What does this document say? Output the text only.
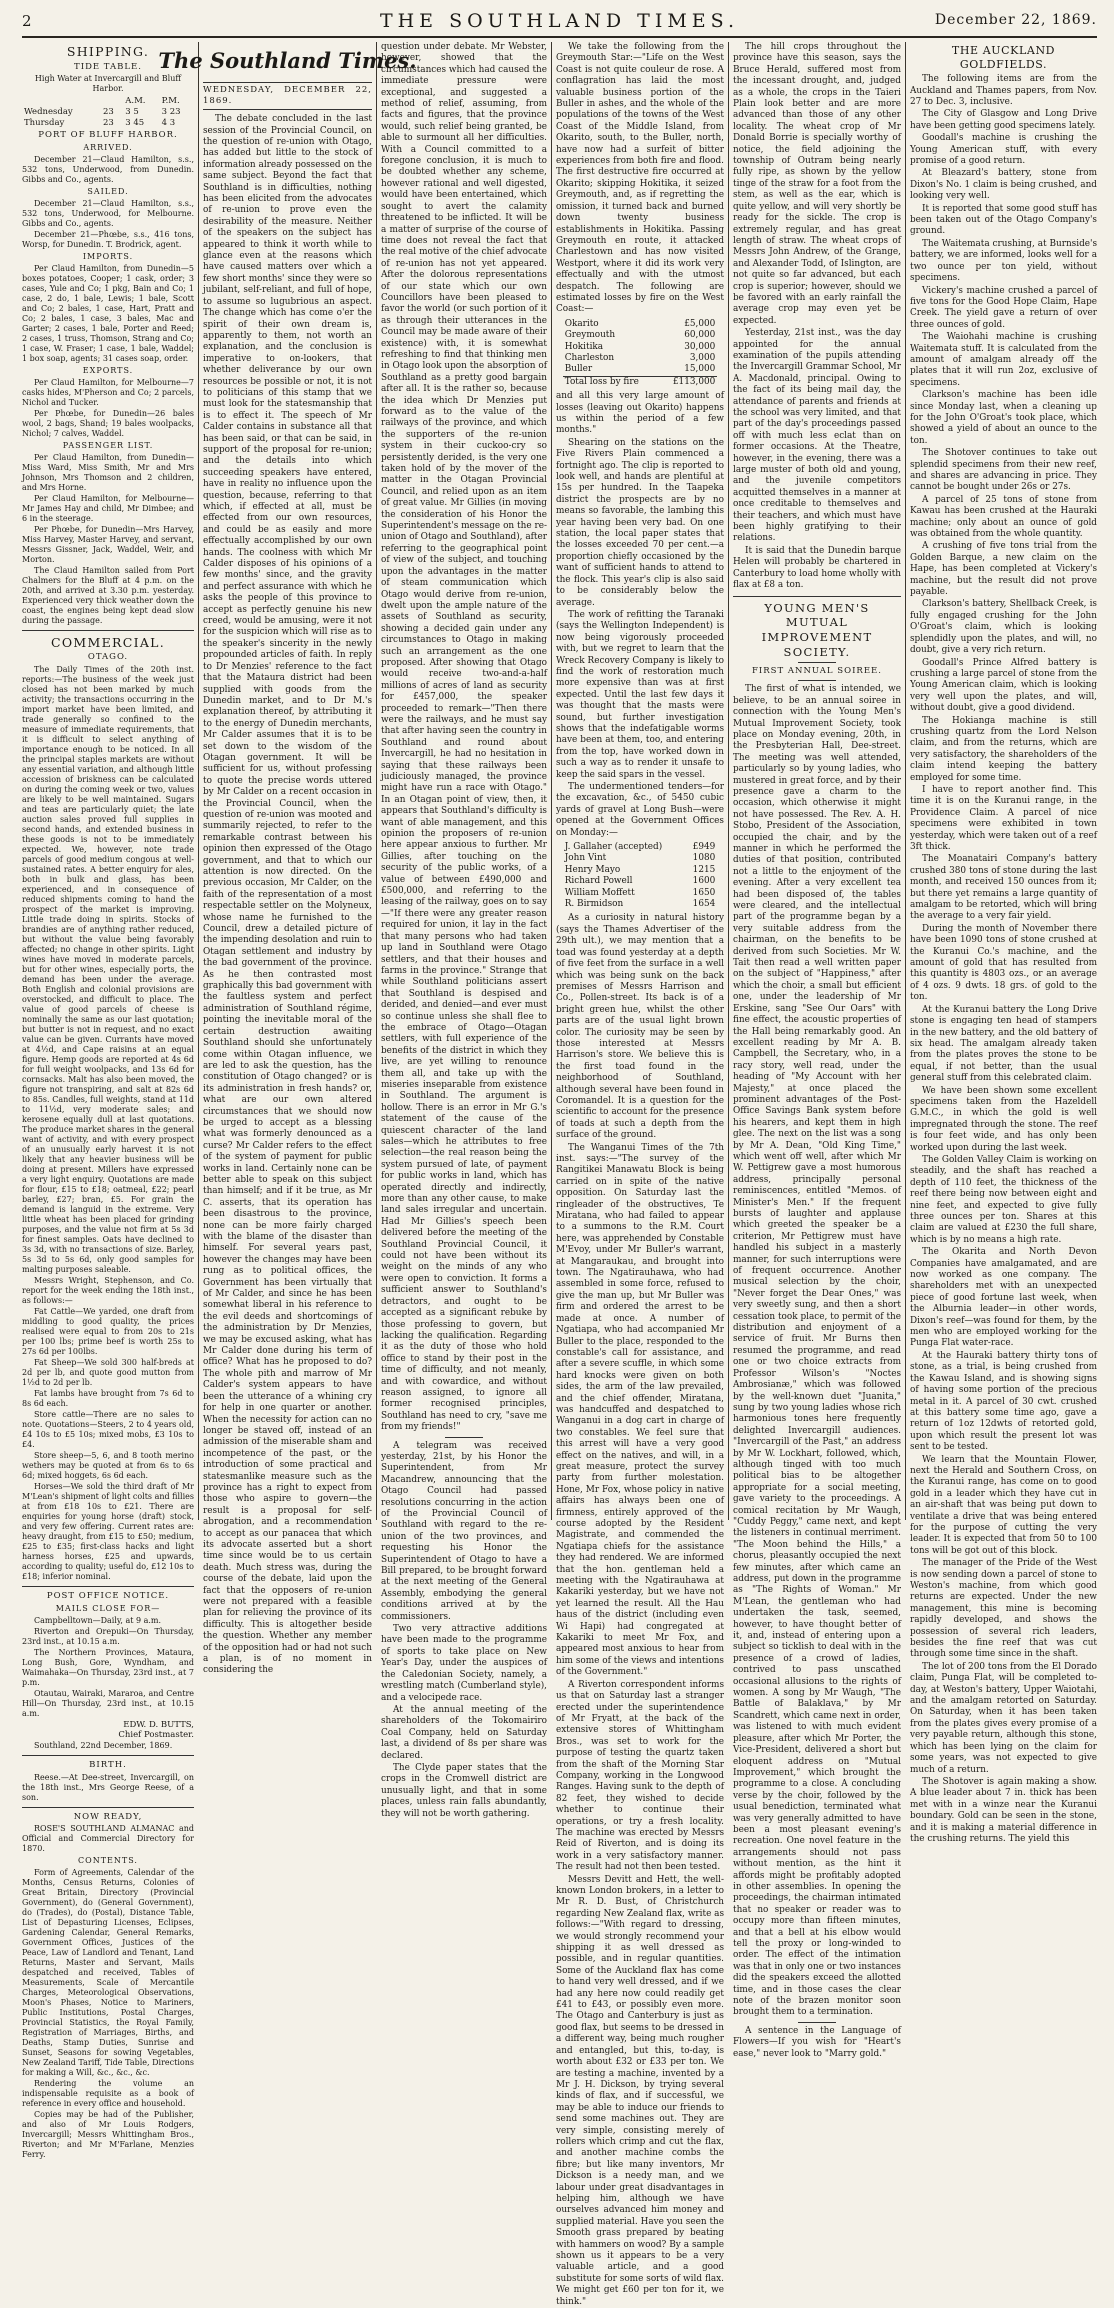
2	THE SOUTHLAND TIMES.	December 22, 1869.
SHIPPING.
TIDE TABLE.

High Water at Invercargill and Bluff Harbor.

		A.M.	P.M.
Wednesday	23	3 5	3 23
Thursday	23	3 45	4 3
PORT OF BLUFF HARBOR.
ARRIVED.

December 21—Claud Hamilton, s.s., 532 tons, Underwood, from Dunedin. Gibbs and Co., agents.

SAILED.

December 21—Claud Hamilton, s.s., 532 tons, Underwood, for Melbourne. Gibbs and Co., agents.

December 21—Phœbe, s.s., 416 tons, Worsp, for Dunedin. T. Brodrick, agent.

IMPORTS.

Per Claud Hamilton, from Dunedin—5 boxes potatoes, Cooper; 1 cask, order; 3 cases, Yule and Co; 1 pkg, Bain and Co; 1 case, 2 do, 1 bale, Lewis; 1 bale, Scott and Co; 2 bales, 1 case, Hart, Pratt and Co; 2 bales, 1 case, 3 bales, Mac and Garter; 2 cases, 1 bale, Porter and Reed; 2 cases, 1 truss, Thomson, Strang and Co; 1 case, W. Fraser; 1 case, 1 bale, Waddel; 1 box soap, agents; 31 cases soap, order.

EXPORTS.

Per Claud Hamilton, for Melbourne—7 casks hides, M'Pherson and Co; 2 parcels, Nichol and Tucker.

Per Phœbe, for Dunedin—26 bales wool, 2 bags, Shand; 19 bales woolpacks, Nichol; 7 calves, Waddel.

PASSENGER LIST.

Per Claud Hamilton, from Dunedin—Miss Ward, Miss Smith, Mr and Mrs Johnson, Mrs Thomson and 2 children, and Mrs Horne.

Per Claud Hamilton, for Melbourne—Mr James Hay and child, Mr Dimbee; and 6 in the steerage.

Per Phœbe, for Dunedin—Mrs Harvey, Miss Harvey, Master Harvey, and servant, Messrs Gissner, Jack, Waddel, Weir, and Morton.

The Claud Hamilton sailed from Port Chalmers for the Bluff at 4 p.m. on the 20th, and arrived at 3.30 p.m. yesterday. Experienced very thick weather down the coast, the engines being kept dead slow during the passage.

COMMERCIAL.
OTAGO.

The Daily Times of the 20th inst. reports:—The business of the week just closed has not been marked by much activity; the transactions occurring in the import market have been limited, and trade generally so confined to the measure of immediate requirements, that it is difficult to select anything of importance enough to be noticed. In all the principal staples markets are without any essential variation, and although little accession of briskness can be calculated on during the coming week or two, values are likely to be well maintained. Sugars and teas are particularly quiet; the late auction sales proved full supplies in second hands, and extended business in these goods is not to be immediately expected. We, however, note trade parcels of good medium congous at well-sustained rates. A better enquiry for ales, both in bulk and glass, has been experienced, and in consequence of reduced shipments coming to hand the prospect of the market is improving. Little trade doing in spirits. Stocks of brandies are of anything rather reduced, but without the value being favorably affected; no change in other spirits. Light wines have moved in moderate parcels, but for other wines, especially ports, the demand has been under the average. Both English and colonial provisions are overstocked, and difficult to place. The value of good parcels of cheese is nominally the same as our last quotation; but butter is not in request, and no exact value can be given. Currants have moved at 4½d, and Cape raisins at an equal figure. Hemp goods are reported at 4s 6d for full weight woolpacks, and 13s 6d for cornsacks. Malt has also been moved, the figure not transpiring, and salt at 82s 6d to 85s. Candles, full weights, stand at 11d to 11½d, very moderate sales; and kerosene equally dull at last quotations. The produce market shares in the general want of activity, and with every prospect of an unusually early harvest it is not likely that any heavier business will be doing at present. Millers have expressed a very light enquiry. Quotations are made for flour, £15 to £18; oatmeal, £22; pearl barley, £27; bran, £5. For grain the demand is languid in the extreme. Very little wheat has been placed for grinding purposes, and the value not firm at 5s 3d for finest samples. Oats have declined to 3s 3d, with no transactions of size. Barley, 5s 3d to 5s 6d, only good samples for malting purposes saleable.

Messrs Wright, Stephenson, and Co. report for the week ending the 18th inst., as follows:—

Fat Cattle—We yarded, one draft from middling to good quality, the prices realised were equal to from 20s to 21s per 100 lbs; prime beef is worth 25s to 27s 6d per 100lbs.

Fat Sheep—We sold 300 half-breds at 2d per lb, and quote good mutton from 1½d to 2d per lb.

Fat lambs have brought from 7s 6d to 8s 6d each.

Store cattle—There are no sales to note. Quotations—Steers, 2 to 4 years old, £4 10s to £5 10s; mixed mobs, £3 10s to £4.

Store sheep—5, 6, and 8 tooth merino wethers may be quoted at from 6s to 6s 6d; mixed hoggets, 6s 6d each.

Horses—We sold the third draft of Mr M'Lean's shipment of light colts and fillies at from £18 10s to £21. There are enquiries for young horse (draft) stock, and very few offering. Current rates are: heavy draught, from £15 to £50; medium, £25 to £35; first-class hacks and light harness horses, £25 and upwards, according to quality; useful do, £12 10s to £18; inferior nominal.

POST OFFICE NOTICE.
MAILS CLOSE FOR—

Campbelltown—Daily, at 9 a.m.

Riverton and Orepuki—On Thursday, 23rd inst., at 10.15 a.m.

The Northern Provinces, Mataura, Long Bush, Gore, Wyndham, and Waimahaka—On Thursday, 23rd inst., at 7 p.m.

Otautau, Wairaki, Mararoa, and Centre Hill—On Thursday, 23rd inst., at 10.15 a.m.

EDW. D. BUTTS,
Chief Postmaster.

Southland, 22nd December, 1869.

BIRTH.

Reese.—At Dee-street, Invercargill, on the 18th inst., Mrs George Reese, of a son.

NOW READY,

ROSE'S SOUTHLAND ALMANAC and Official and Commercial Directory for 1870.

CONTENTS.

Form of Agreements, Calendar of the Months, Census Returns, Colonies of Great Britain, Directory (Provincial Government), do (General Government), do (Trades), do (Postal), Distance Table, List of Depasturing Licenses, Eclipses, Gardening Calendar, General Remarks, Government Offices, Justices of the Peace, Law of Landlord and Tenant, Land Returns, Master and Servant, Mails despatched and received, Tables of Measurements, Scale of Mercantile Charges, Meteorological Observations, Moon's Phases, Notice to Mariners, Public Institutions, Postal Charges, Provincial Statistics, the Royal Family, Registration of Marriages, Births, and Deaths, Stamp Duties, Sunrise and Sunset, Seasons for sowing Vegetables, New Zealand Tariff, Tide Table, Directions for making a Will, &c., &c., &c.

Rendering the volume an indispensable requisite as a book of reference in every office and household.

Copies may be had of the Publisher, and also of Mr Louis Rodgers, Invercargill; Messrs Whittingham Bros., Riverton; and Mr M'Farlane, Menzies Ferry.

The Southland Times.
WEDNESDAY, DECEMBER 22, 1869.

The debate concluded in the last session of the Provincial Council, on the question of re-union with Otago, has added but little to the stock of information already possessed on the same subject. Beyond the fact that Southland is in difficulties, nothing has been elicited from the advocates of re-union to prove even the desirability of the measure. Neither of the speakers on the subject has appeared to think it worth while to glance even at the reasons which have caused matters over which a few short months' since they were so jubilant, self-reliant, and full of hope, to assume so lugubrious an aspect. The change which has come o'er the spirit of their own dream is, apparently to them, not worth an explanation, and the conclusion is imperative to on-lookers, that whether deliverance by our own resources be possible or not, it is not to politicians of this stamp that we must look for the statesmanship that is to effect it. The speech of Mr Calder contains in substance all that has been said, or that can be said, in support of the proposal for re-union; and the details into which succeeding speakers have entered, have in reality no influence upon the question, because, referring to that which, if effected at all, must be effected from our own resources, and could be as easily and more effectually accomplished by our own hands. The coolness with which Mr Calder disposes of his opinions of a few months' since, and the gravity and perfect assurance with which he asks the people of this province to accept as perfectly genuine his new creed, would be amusing, were it not for the suspicion which will rise as to the speaker's sincerity in the newly propounded articles of faith. In reply to Dr Menzies' reference to the fact that the Mataura district had been supplied with goods from the Dunedin market, and to Dr M.'s explanation thereof, by attributing it to the energy of Dunedin merchants, Mr Calder assumes that it is to be set down to the wisdom of the Otagan government. It will be sufficient for us, without professing to quote the precise words uttered by Mr Calder on a recent occasion in the Provincial Council, when the question of re-union was mooted and summarily rejected, to refer to the remarkable contrast between his opinion then expressed of the Otago government, and that to which our attention is now directed. On the previous occasion, Mr Calder, on the faith of the representation of a most respectable settler on the Molyneux, whose name he furnished to the Council, drew a detailed picture of the impending desolation and ruin to Otagan settlement and industry by the bad government of the province. As he then contrasted most graphically this bad government with the faultless system and perfect administration of Southland régime, pointing the inevitable moral of the certain destruction awaiting Southland should she unfortunately come within Otagan influence, we are led to ask the question, has the constitution of Otago changed? or is its administration in fresh hands? or, what are our own altered circumstances that we should now be urged to accept as a blessing what was formerly denounced as a curse? Mr Calder refers to the effect of the system of payment for public works in land. Certainly none can be better able to speak on this subject than himself; and if it be true, as Mr C. asserts, that its operation has been disastrous to the province, none can be more fairly charged with the blame of the disaster than himself. For several years past, however the changes may have been rung as to political offices, the Government has been virtually that of Mr Calder, and since he has been somewhat liberal in his reference to the evil deeds and shortcomings of the administration by Dr Menzies, we may be excused asking, what has Mr Calder done during his term of office? What has he proposed to do? The whole pith and marrow of Mr Calder's system appears to have been the utterance of a whining cry for help in one quarter or another. When the necessity for action can no longer be staved off, instead of an admission of the miserable sham and incompetence of the past, or the introduction of some practical and statesmanlike measure such as the province has a right to expect from those who aspire to govern—the result is a proposal for self-abrogation, and a recommendation to accept as our panacea that which its advocate asserted but a short time since would be to us certain death. Much stress was, during the course of the debate, laid upon the fact that the opposers of re-union were not prepared with a feasible plan for relieving the province of its difficulty. This is altogether beside the question. Whether any member of the opposition had or had not such a plan, is of no moment in considering the

question under debate. Mr Webster, however, showed that the circumstances which had caused the immediate pressure were exceptional, and suggested a method of relief, assuming, from facts and figures, that the province would, such relief being granted, be able to surmount all her difficulties. With a Council committed to a foregone conclusion, it is much to be doubted whether any scheme, however rational and well digested, would have been entertained, which sought to avert the calamity threatened to be inflicted. It will be a matter of surprise of the course of time does not reveal the fact that the real motive of the chief advocate of re-union has not yet appeared. After the dolorous representations of our state which our own Councillors have been pleased to favor the world (or such portion of it as through their utterances in the Council may be made aware of their existence) with, it is somewhat refreshing to find that thinking men in Otago look upon the absorption of Southland as a pretty good bargain after all. It is the rather so, because the idea which Dr Menzies put forward as to the value of the railways of the province, and which the supporters of the re-union system in their cuckoo-cry so persistently derided, is the very one taken hold of by the mover of the matter in the Otagan Provincial Council, and relied upon as an item of great value. Mr Gillies (in moving the consideration of his Honor the Superintendent's message on the re-union of Otago and Southland), after referring to the geographical point of view of the subject, and touching upon the advantages in the matter of steam communication which Otago would derive from re-union, dwelt upon the ample nature of the assets of Southland as security, showing a decided gain under any circumstances to Otago in making such an arrangement as the one proposed. After showing that Otago would receive two-and-a-half millions of acres of land as security for £457,000, the speaker proceeded to remark—"Then there were the railways, and he must say that after having seen the country in Southland and round about Invercargill, he had no hesitation in saying that these railways been judiciously managed, the province might have run a race with Otago." In an Otagan point of view, then, it appears that Southland's difficulty is want of able management, and this opinion the proposers of re-union here appear anxious to further. Mr Gillies, after touching on the security of the public works, of a value of between £490,000 and £500,000, and referring to the leasing of the railway, goes on to say—"If there were any greater reason required for union, it lay in the fact that many persons who had taken up land in Southland were Otago settlers, and that their houses and farms in the province." Strange that while Southland politicians assert that Southland is despised and derided, and denied—and ever must so continue unless she shall flee to the embrace of Otago—Otagan settlers, with full experience of the benefits of the district in which they live, are yet willing to renounce them all, and take up with the miseries inseparable from existence in Southland. The argument is hollow. There is an error in Mr G.'s statement of the cause of the quiescent character of the land sales—which he attributes to free selection—the real reason being the system pursued of late, of payment for public works in land, which has operated directly and indirectly, more than any other cause, to make land sales irregular and uncertain. Had Mr Gillies's speech been delivered before the meeting of the Southland Provincial Council, it could not have been without its weight on the minds of any who were open to conviction. It forms a sufficient answer to Southland's detractors, and ought to be accepted as a significant rebuke by those professing to govern, but lacking the qualification. Regarding it as the duty of those who hold office to stand by their post in the time of difficulty, and not meanly, and with cowardice, and without reason assigned, to ignore all former recognised principles, Southland has need to cry, "save me from my friends!"

A telegram was received yesterday, 21st, by his Honor the Superintendent, from Mr Macandrew, announcing that the Otago Council had passed resolutions concurring in the action of the Provincial Council of Southland with regard to the re-union of the two provinces, and requesting his Honor the Superintendent of Otago to have a Bill prepared, to be brought forward at the next meeting of the General Assembly, embodying the general conditions arrived at by the commissioners.

Two very attractive additions have been made to the programme of sports to take place on New Year's Day, under the auspices of the Caledonian Society, namely, a wrestling match (Cumberland style), and a velocipede race.

At the annual meeting of the shareholders of the Tokomairiro Coal Company, held on Saturday last, a dividend of 8s per share was declared.

The Clyde paper states that the crops in the Cromwell district are unusually light, and that in some places, unless rain falls abundantly, they will not be worth gathering.

We take the following from the Greymouth Star:—"Life on the West Coast is not quite couleur de rose. A conflagration has laid the most valuable business portion of the Buller in ashes, and the whole of the populations of the towns of the West Coast of the Middle Island, from Okarito, south, to the Buller, north, have now had a surfeit of bitter experiences from both fire and flood. The first destructive fire occurred at Okarito; skipping Hokitika, it seized Greymouth, and, as if regretting the omission, it turned back and burned down twenty business establishments in Hokitika. Passing Greymouth en route, it attacked Charlestown and has now visited Westport, where it did its work very effectually and with the utmost despatch. The following are estimated losses by fire on the West Coast:—

Okarito	£5,000
Greymouth	60,000
Hokitika	30,000
Charleston	3,000
Buller	15,000
Total loss by fire	£113,000

and all this very large amount of losses (leaving out Okarito) happens us within the period of a few months."

Shearing on the stations on the Five Rivers Plain commenced a fortnight ago. The clip is reported to look well, and hands are plentiful at 15s per hundred. In the Taapeka district the prospects are by no means so favorable, the lambing this year having been very bad. On one station, the local paper states that the losses exceeded 70 per cent.—a proportion chiefly occasioned by the want of sufficient hands to attend to the flock. This year's clip is also said to be considerably below the average.

The work of refitting the Taranaki (says the Wellington Independent) is now being vigorously proceeded with, but we regret to learn that the Wreck Recovery Company is likely to find the work of restoration much more expensive than was at first expected. Until the last few days it was thought that the masts were sound, but further investigation shows that the indefatigable worms have been at them, too, and entering from the top, have worked down in such a way as to render it unsafe to keep the said spars in the vessel.

The undermentioned tenders—for the excavation, &c., of 5450 cubic yards of gravel at Long Bush—were opened at the Government Offices on Monday:—

J. Gallaher (accepted)	£949
John Vint	1080
Henry Mayo	1215
Richard Powell	1600
William Moffett	1650
R. Birmidson	1654

As a curiosity in natural history (says the Thames Advertiser of the 29th ult.), we may mention that a toad was found yesterday at a depth of five feet from the surface in a well which was being sunk on the back premises of Messrs Harrison and Co., Pollen-street. Its back is of a bright green hue, whilst the other parts are of the usual light brown color. The curiosity may be seen by those interested at Messrs Harrison's store. We believe this is the first toad found in the neighborhood of Southland, although several have been found in Coromandel. It is a question for the scientific to account for the presence of toads at such a depth from the surface of the ground.

The Wanganui Times of the 7th inst. says:—"The survey of the Rangitikei Manawatu Block is being carried on in spite of the native opposition. On Saturday last the ringleader of the obstructives, Te Miratana, who had failed to appear to a summons to the R.M. Court here, was apprehended by Constable M'Evoy, under Mr Buller's warrant, at Mangaraukau, and brought into town. The Ngatirauhawa, who had assembled in some force, refused to give the man up, but Mr Buller was firm and ordered the arrest to be made at once. A number of Ngatiapa, who had accompanied Mr Buller to the place, responded to the constable's call for assistance, and after a severe scuffle, in which some hard knocks were given on both sides, the arm of the law prevailed, and the chief offender, Miratana, was handcuffed and despatched to Wanganui in a dog cart in charge of two constables. We feel sure that this arrest will have a very good effect on the natives, and will, in a great measure, protect the survey party from further molestation. Hone, Mr Fox, whose policy in native affairs has always been one of firmness, entirely approved of the course adopted by the Resident Magistrate, and commended the Ngatiapa chiefs for the assistance they had rendered. We are informed that the hon. gentleman held a meeting with the Ngatirauhawa at Kakariki yesterday, but we have not yet learned the result. All the Hau haus of the district (including even Wi Hapi) had congregated at Kakariki to meet Mr Fox, and appeared most anxious to hear from him some of the views and intentions of the Government."

A Riverton correspondent informs us that on Saturday last a stranger erected under the superintendence of Mr Fryatt, at the back of the extensive stores of Whittingham Bros., was set to work for the purpose of testing the quartz taken from the shaft of the Morning Star Company, working in the Longwood Ranges. Having sunk to the depth of 82 feet, they wished to decide whether to continue their operations, or try a fresh locality. The machine was erected by Messrs Reid of Riverton, and is doing its work in a very satisfactory manner. The result had not then been tested.

Messrs Devitt and Hett, the well-known London brokers, in a letter to Mr R. D. Bust, of Christchurch regarding New Zealand flax, write as follows:—"With regard to dressing, we would strongly recommend your shipping it as well dressed as possible, and in regular quantities. Some of the Auckland flax has come to hand very well dressed, and if we had any here now could readily get £41 to £43, or possibly even more. The Otago and Canterbury is just as good flax, but seems to be dressed in a different way, being much rougher and entangled, but this, to-day, is worth about £32 or £33 per ton. We are testing a machine, invented by a Mr J. H. Dickson, by trying several kinds of flax, and if successful, we may be able to induce our friends to send some machines out. They are very simple, consisting merely of rollers which crimp and cut the flax, and another machine combs the fibre; but like many inventors, Mr Dickson is a needy man, and we labour under great disadvantages in helping him, although we have ourselves advanced him money and supplied material. Have you seen the Smooth grass prepared by beating with hammers on wood? By a sample shown us it appears to be a very valuable article, and a good substitute for some sorts of wild flax. We might get £60 per ton for it, we think."

The hill crops throughout the province have this season, says the Bruce Herald, suffered most from the incessant drought, and, judged as a whole, the crops in the Taieri Plain look better and are more advanced than those of any other locality. The wheat crop of Mr Donald Borrie is specially worthy of notice, the field adjoining the township of Outram being nearly fully ripe, as shown by the yellow tinge of the straw for a foot from the stem, as well as the ear, which is quite yellow, and will very shortly be ready for the sickle. The crop is extremely regular, and has great length of straw. The wheat crops of Messrs John Andrew, of the Grange, and Alexander Todd, of Islington, are not quite so far advanced, but each crop is superior; however, should we be favored with an early rainfall the average crop may even yet be expected.

Yesterday, 21st inst., was the day appointed for the annual examination of the pupils attending the Invercargill Grammar School, Mr A. Macdonald, principal. Owing to the fact of its being mail day, the attendance of parents and friends at the school was very limited, and that part of the day's proceedings passed off with much less eclat than on former occasions. At the Theatre, however, in the evening, there was a large muster of both old and young, and the juvenile competitors acquitted themselves in a manner at once creditable to themselves and their teachers, and which must have been highly gratifying to their relations.

It is said that the Dunedin barque Helen will probably be chartered in Canterbury to load home wholly with flax at £8 a ton.

YOUNG MEN'S MUTUAL IMPROVEMENT SOCIETY.
FIRST ANNUAL SOIREE.

The first of what is intended, we believe, to be an annual soiree in connection with the Young Men's Mutual Improvement Society, took place on Monday evening, 20th, in the Presbyterian Hall, Dee-street. The meeting was well attended, particularly so by young ladies, who mustered in great force, and by their presence gave a charm to the occasion, which otherwise it might not have possessed. The Rev. A. H. Stobo, President of the Association, occupied the chair, and by the manner in which he performed the duties of that position, contributed not a little to the enjoyment of the evening. After a very excellent tea had been disposed of, the tables were cleared, and the intellectual part of the programme began by a very suitable address from the chairman, on the benefits to be derived from such Societies. Mr W. Tait then read a well written paper on the subject of "Happiness," after which the choir, a small but efficient one, under the leadership of Mr Erskine, sang "See Our Oars" with fine effect, the acoustic properties of the Hall being remarkably good. An excellent reading by Mr A. B. Campbell, the Secretary, who, in a racy story, well read, under the heading of "My Account with her Majesty," at once placed the prominent advantages of the Post-Office Savings Bank system before his hearers, and kept them in high glee. The next on the list was a song by Mr A. Dean, "Old King Time," which went off well, after which Mr W. Pettigrew gave a most humorous address, principally personal reminiscences, entitled "Memos. of Minister's Men." If the frequent bursts of laughter and applause which greeted the speaker be a criterion, Mr Pettigrew must have handled his subject in a masterly manner, for such interruptions were of frequent occurrence. Another musical selection by the choir, "Never forget the Dear Ones," was very sweetly sung, and then a short cessation took place, to permit of the distribution and enjoyment of a service of fruit. Mr Burns then resumed the programme, and read one or two choice extracts from Professor Wilson's "Noctes Ambrosianæ," which was followed by the well-known duet "Juanita," sung by two young ladies whose rich harmonious tones here frequently delighted Invercargill audiences. "Invercargill of the Past," an address by Mr W. Lockhart, followed, which, although tinged with too much political bias to be altogether appropriate for a social meeting, gave variety to the proceedings. A comical recitation by Mr Waugh, "Cuddy Peggy," came next, and kept the listeners in continual merriment. "The Moon behind the Hills," a chorus, pleasantly occupied the next few minutes, after which came an address, put down in the programme as "The Rights of Woman." Mr M'Lean, the gentleman who had undertaken the task, seemed, however, to have thought better of it, and, instead of entering upon a subject so ticklish to deal with in the presence of a crowd of ladies, contrived to pass unscathed occasional allusions to the rights of women. A song by Mr Waugh, "The Battle of Balaklava," by Mr Scandrett, which came next in order, was listened to with much evident pleasure, after which Mr Porter, the Vice-President, delivered a short but eloquent address on "Mutual Improvement," which brought the programme to a close. A concluding verse by the choir, followed by the usual benediction, terminated what was very generally admitted to have been a most pleasant evening's recreation. One novel feature in the arrangements should not pass without mention, as the hint it affords might be profitably adopted in other assemblies. In opening the proceedings, the chairman intimated that no speaker or reader was to occupy more than fifteen minutes, and that a bell at his elbow would tell the proxy or long-winded to order. The effect of the intimation was that in only one or two instances did the speakers exceed the allotted time, and in those cases the clear note of the brazen monitor soon brought them to a termination.

A sentence in the Language of Flowers—If you wish for "Heart's ease," never look to "Marry gold."

THE AUCKLAND GOLDFIELDS.

The following items are from the Auckland and Thames papers, from Nov. 27 to Dec. 3, inclusive.

The City of Glasgow and Long Drive have been getting good specimens lately.

Goodall's machine is crushing the Young American stuff, with every promise of a good return.

At Bleazard's battery, stone from Dixon's No. 1 claim is being crushed, and looking very well.

It is reported that some good stuff has been taken out of the Otago Company's ground.

The Waitemata crushing, at Burnside's battery, we are informed, looks well for a two ounce per ton yield, without specimens.

Vickery's machine crushed a parcel of five tons for the Good Hope Claim, Hape Creek. The yield gave a return of over three ounces of gold.

The Waiohahi machine is crushing Waitemata stuff. It is calculated from the amount of amalgam already off the plates that it will run 2oz, exclusive of specimens.

Clarkson's machine has been idle since Monday last, when a cleaning up for the John O'Groat's took place, which showed a yield of about an ounce to the ton.

The Shotover continues to take out splendid specimens from their new reef, and shares are advancing in price. They cannot be bought under 26s or 27s.

A parcel of 25 tons of stone from Kawau has been crushed at the Hauraki machine; only about an ounce of gold was obtained from the whole quantity.

A crushing of five tons trial from the Golden Barque, a new claim on the Hape, has been completed at Vickery's machine, but the result did not prove payable.

Clarkson's battery, Shellback Creek, is fully engaged crushing for the John O'Groat's claim, which is looking splendidly upon the plates, and will, no doubt, give a very rich return.

Goodall's Prince Alfred battery is crushing a large parcel of stone from the Young American claim, which is looking very well upon the plates, and will, without doubt, give a good dividend.

The Hokianga machine is still crushing quartz from the Lord Nelson claim, and from the returns, which are very satisfactory, the shareholders of the claim intend keeping the battery employed for some time.

I have to report another find. This time it is on the Kuranui range, in the Providence Claim. A parcel of nice specimens were exhibited in town yesterday, which were taken out of a reef 3ft thick.

The Moanatairi Company's battery crushed 380 tons of stone during the last month, and received 150 ounces from it; but there yet remains a large quantity of amalgam to be retorted, which will bring the average to a very fair yield.

During the month of November there have been 1090 tons of stone crushed at the Kuranui Co.'s machine, and the amount of gold that has resulted from this quantity is 4803 ozs., or an average of 4 ozs. 9 dwts. 18 grs. of gold to the ton.

At the Kuranui battery the Long Drive stone is engaging ten head of stampers in the new battery, and the old battery of six head. The amalgam already taken from the plates proves the stone to be equal, if not better, than the usual general stuff from this celebrated claim.

We have been shown some excellent specimens taken from the Hazeldell G.M.C., in which the gold is well impregnated through the stone. The reef is four feet wide, and has only been worked upon during the last week.

The Golden Valley Claim is working on steadily, and the shaft has reached a depth of 110 feet, the thickness of the reef there being now between eight and nine feet, and expected to give fully three ounces per ton. Shares at this claim are valued at £230 the full share, which is by no means a high rate.

The Okarita and North Devon Companies have amalgamated, and are now worked as one company. The shareholders met with an unexpected piece of good fortune last week, when the Alburnia leader—in other words, Dixon's reef—was found for them, by the men who are employed working for the Punga Flat water-race.

At the Hauraki battery thirty tons of stone, as a trial, is being crushed from the Kawau Island, and is showing signs of having some portion of the precious metal in it. A parcel of 30 cwt. crushed at this battery some time ago, gave a return of 1oz 12dwts of retorted gold, upon which result the present lot was sent to be tested.

We learn that the Mountain Flower, next the Herald and Southern Cross, on the Kuranui range, has come on to good gold in a leader which they have cut in an air-shaft that was being put down to ventilate a drive that was being entered for the purpose of cutting the very leader. It is expected that from 50 to 100 tons will be got out of this block.

The manager of the Pride of the West is now sending down a parcel of stone to Weston's machine, from which good returns are expected. Under the new management, this mine is becoming rapidly developed, and shows the possession of several rich leaders, besides the fine reef that was cut through some time since in the shaft.

The lot of 200 tons from the El Dorado claim, Punga Flat, will be completed to-day, at Weston's battery, Upper Waiotahi, and the amalgam retorted on Saturday. On Saturday, when it has been taken from the plates gives every promise of a very payable return, although this stone, which has been lying on the claim for some years, was not expected to give much of a return.

The Shotover is again making a show. A blue leader about 7 in. thick has been met with in a winze near the Kuranui boundary. Gold can be seen in the stone, and it is making a material difference in the crushing returns. The yield this
